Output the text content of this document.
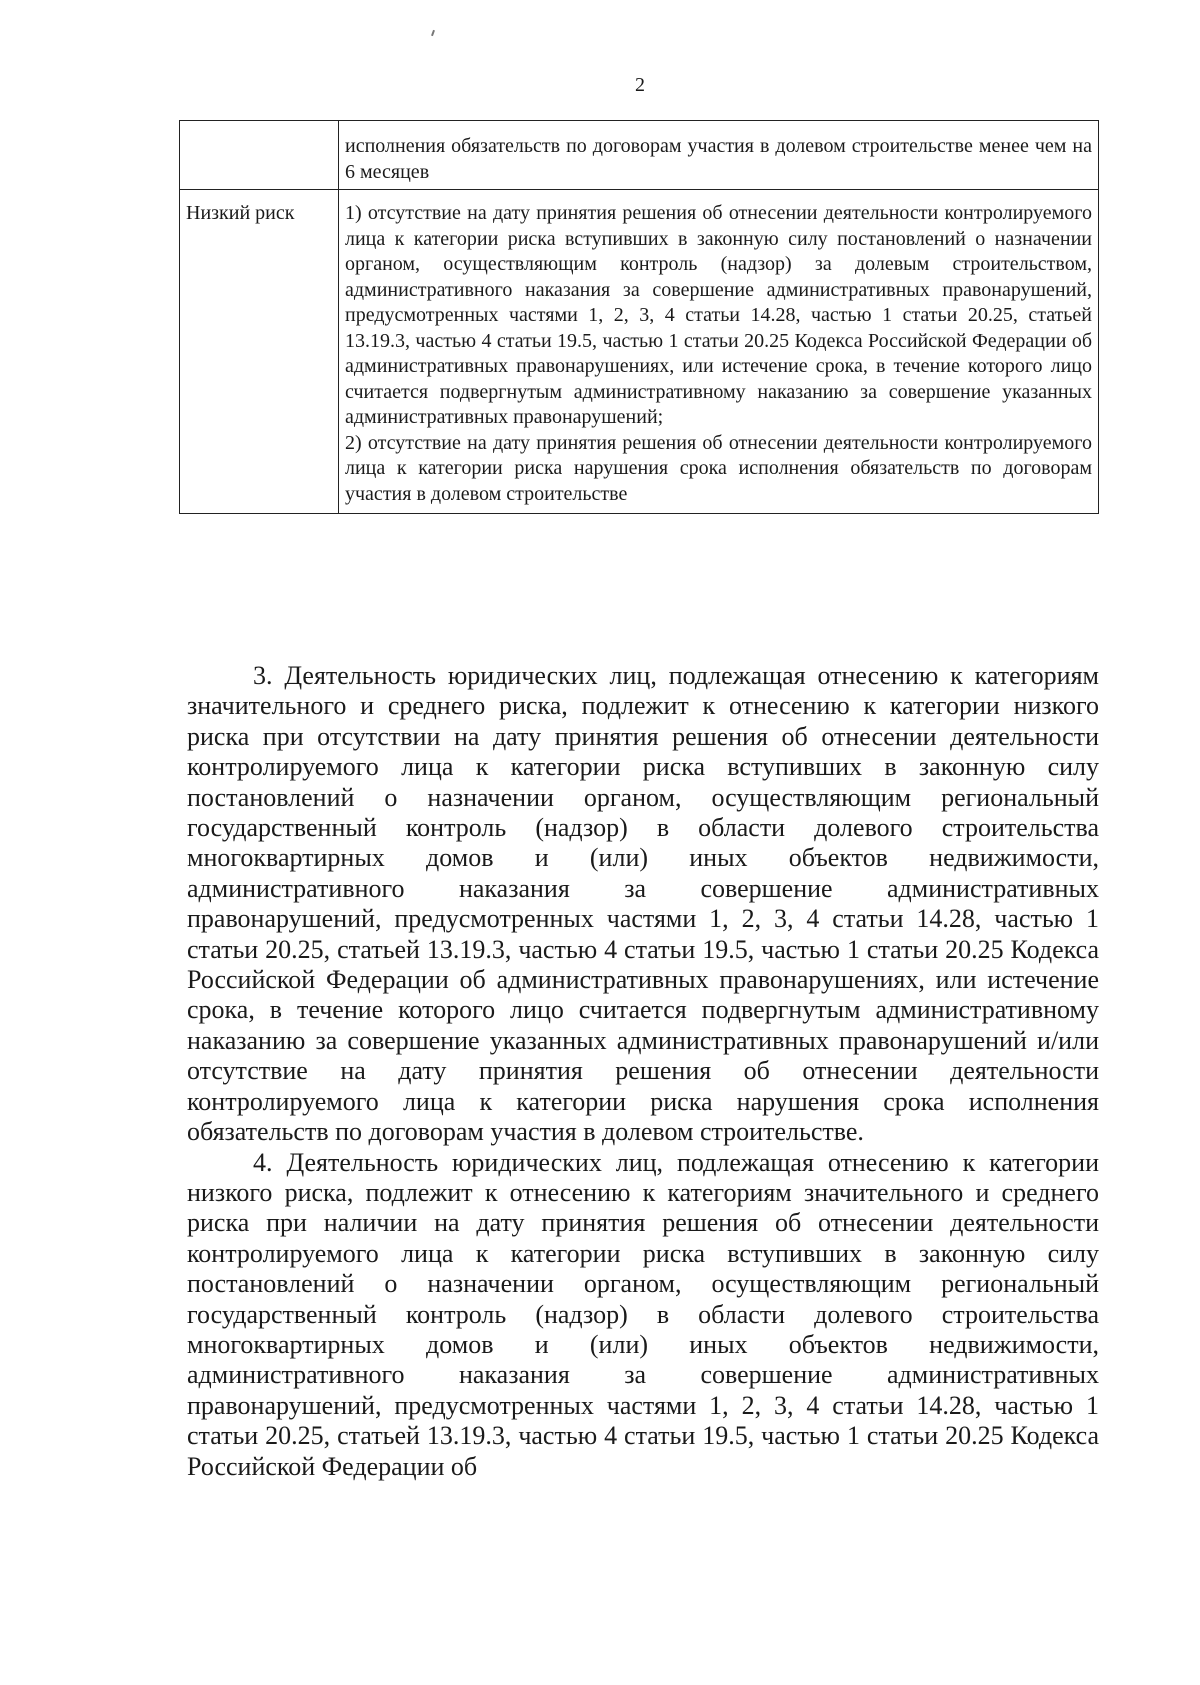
2
	исполнения обязательств по договорам участия в долевом строительстве менее чем на 6 месяцев
Низкий риск	1) отсутствие на дату принятия решения об отнесении деятельности контролируемого лица к категории риска вступивших в законную силу постановлений о назначении органом, осуществляющим контроль (надзор) за долевым строительством, административного наказания за совершение административных правонарушений, предусмотренных частями 1, 2, 3, 4 статьи 14.28, частью 1 статьи 20.25, статьей 13.19.3, частью 4 статьи 19.5, частью 1 статьи 20.25 Кодекса Российской Федерации об административных правонарушениях, или истечение срока, в течение которого лицо считается подвергнутым административному наказанию за совершение указанных административных правонарушений;
2) отсутствие на дату принятия решения об отнесении деятельности контролируемого лица к категории риска нарушения срока исполнения обязательств по договорам участия в долевом строительстве

3. Деятельность юридических лиц, подлежащая отнесению к категориям значительного и среднего риска, подлежит к отнесению к категории низкого риска при отсутствии на дату принятия решения об отнесении деятельности контролируемого лица к категории риска вступивших в законную силу постановлений о назначении органом, осуществляющим региональный государственный контроль (надзор) в области долевого строительства многоквартирных домов и (или) иных объектов недвижимости, административного наказания за совершение административных правонарушений, предусмотренных частями 1, 2, 3, 4 статьи 14.28, частью 1 статьи 20.25, статьей 13.19.3, частью 4 статьи 19.5, частью 1 статьи 20.25 Кодекса Российской Федерации об административных правонарушениях, или истечение срока, в течение которого лицо считается подвергнутым административному наказанию за совершение указанных административных правонарушений и/или отсутствие на дату принятия решения об отнесении деятельности контролируемого лица к категории риска нарушения срока исполнения обязательств по договорам участия в долевом строительстве.

4. Деятельность юридических лиц, подлежащая отнесению к категории низкого риска, подлежит к отнесению к категориям значительного и среднего риска при наличии на дату принятия решения об отнесении деятельности контролируемого лица к категории риска вступивших в законную силу постановлений о назначении органом, осуществляющим региональный государственный контроль (надзор) в области долевого строительства многоквартирных домов и (или) иных объектов недвижимости, административного наказания за совершение административных правонарушений, предусмотренных частями 1, 2, 3, 4 статьи 14.28, частью 1 статьи 20.25, статьей 13.19.3, частью 4 статьи 19.5, частью 1 статьи 20.25 Кодекса Российской Федерации об
